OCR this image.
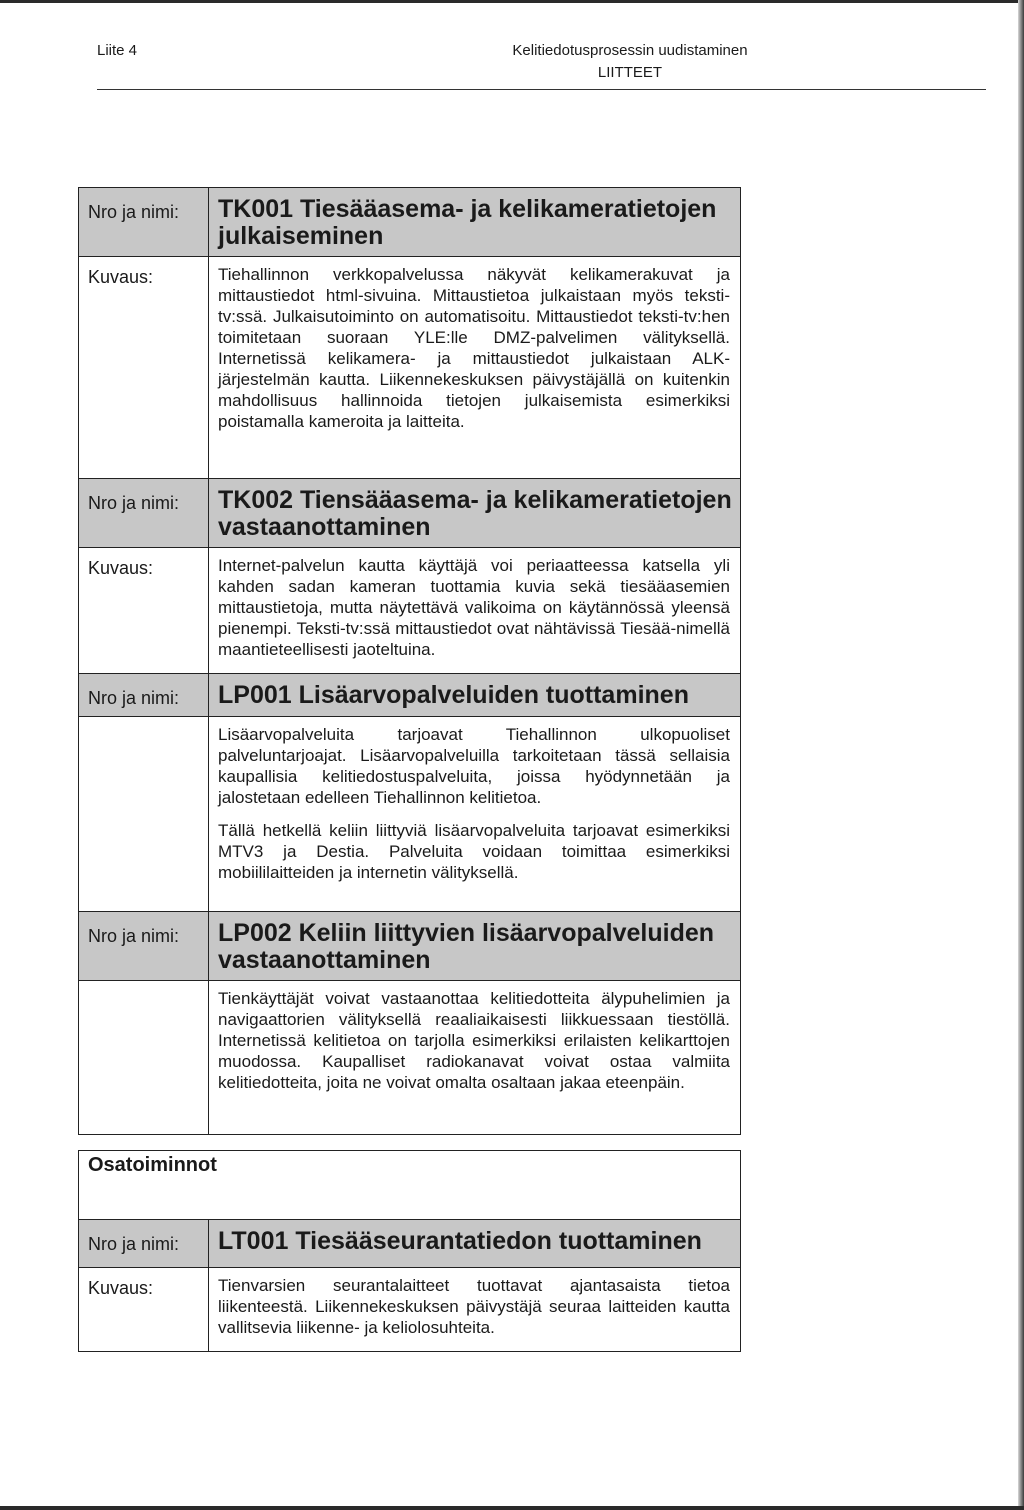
Liite 4	Kelitiedotusprosessin uudistaminen
LIITTEET
Nro ja nimi:	TK001 Tiesääasema- ja kelikameratietojen julkaiseminen
Kuvaus:	Tiehallinnon verkkopalvelussa näkyvät kelikamerakuvat ja mittaustiedot html-sivuina. Mittaustietoa julkaistaan myös teksti-tv:ssä. Julkaisutoiminto on automatisoitu. Mittaustiedot teksti-tv:hen toimitetaan suoraan YLE:lle DMZ-palvelimen välityksellä. Internetissä kelikamera- ja mittaustiedot julkaistaan ALK-järjestelmän kautta. Liikennekeskuksen päivystäjällä on kuitenkin mahdollisuus hallinnoida tietojen julkaisemista esimerkiksi poistamalla kameroita ja laitteita.

Nro ja nimi:	TK002 Tiensääasema- ja kelikameratietojen vastaanottaminen
Kuvaus:	Internet-palvelun kautta käyttäjä voi periaatteessa katsella yli kahden sadan kameran tuottamia kuvia sekä tiesääasemien mittaustietoja, mutta näytettävä valikoima on käytännössä yleensä pienempi. Teksti-tv:ssä mittaustiedot ovat nähtävissä Tiesää-nimellä maantieteellisesti jaoteltuina.

Nro ja nimi:	LP001 Lisäarvopalveluiden tuottaminen

	Lisäarvopalveluita tarjoavat Tiehallinnon ulkopuoliset palveluntarjoajat. Lisäarvopalveluilla tarkoitetaan tässä sellaisia kaupallisia kelitiedostuspalveluita, joissa hyödynnetään ja jalostetaan edelleen Tiehallinnon kelitietoa.

Tällä hetkellä keliin liittyviä lisäarvopalveluita tarjoavat esimerkiksi MTV3 ja Destia. Palveluita voidaan toimittaa esimerkiksi mobiililaitteiden ja internetin välityksellä.

Nro ja nimi:	LP002 Keliin liittyvien lisäarvopalveluiden vastaanottaminen

	Tienkäyttäjät voivat vastaanottaa kelitiedotteita älypuhelimien ja navigaattorien välityksellä reaaliaikaisesti liikkuessaan tiestöllä. Internetissä kelitietoa on tarjolla esimerkiksi erilaisten kelikarttojen muodossa. Kaupalliset radiokanavat voivat ostaa valmiita kelitiedotteita, joita ne voivat omalta osaltaan jakaa eteenpäin.

Osatoiminnot	
Nro ja nimi:	LT001 Tiesääseurantatiedon tuottaminen
Kuvaus:	Tienvarsien seurantalaitteet tuottavat ajantasaista tietoa liikenteestä. Liikennekeskuksen päivystäjä seuraa laitteiden kautta vallitsevia liikenne- ja keliolosuhteita.
